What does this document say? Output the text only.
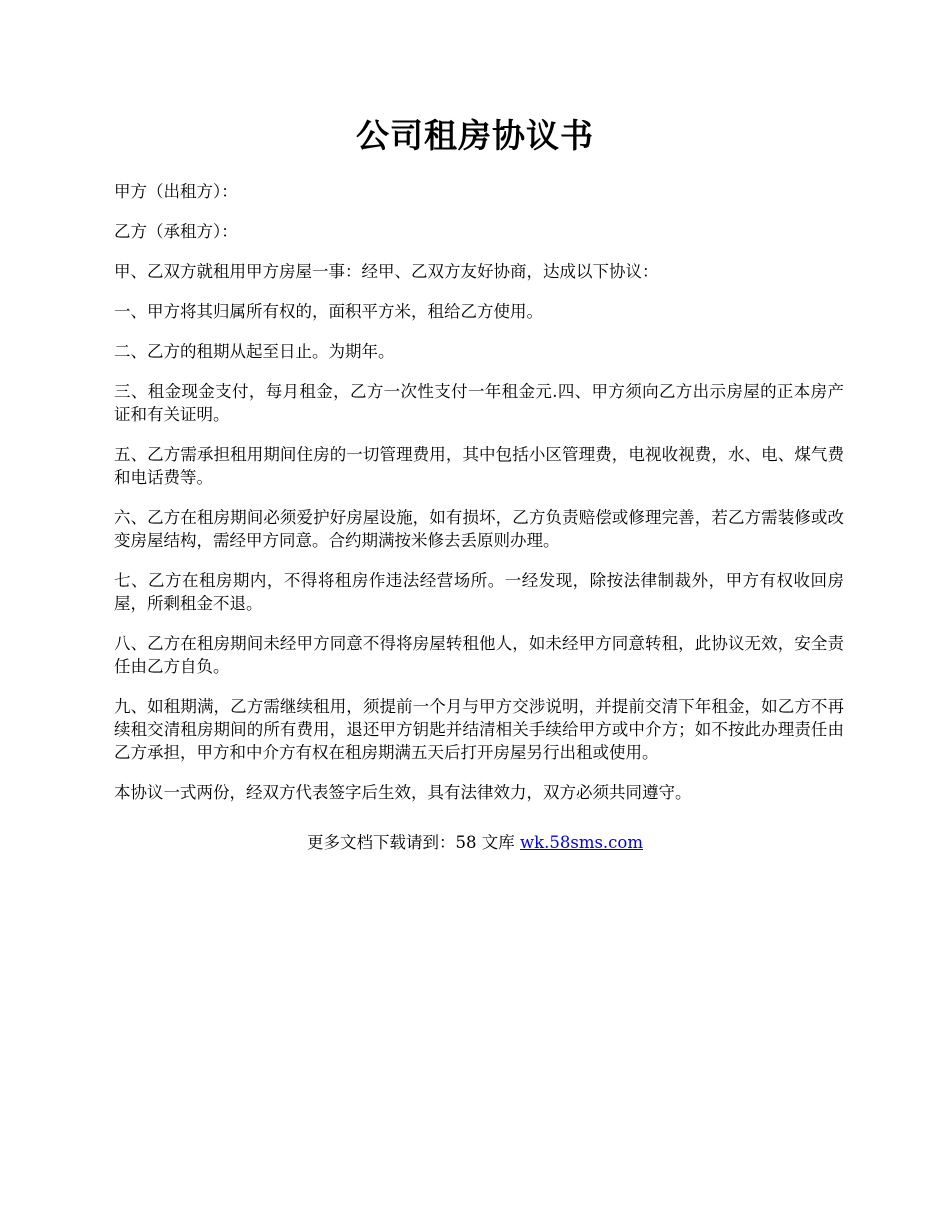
公司租房协议书

甲方（出租方）：

乙方（承租方）：

甲、乙双方就租用甲方房屋一事：经甲、乙双方友好协商，达成以下协议：

一、甲方将其归属所有权的，面积平方米，租给乙方使用。

二、乙方的租期从起至日止。为期年。

三、租金现金支付，每月租金，乙方一次性支付一年租金元.四、甲方须向乙方出示房屋的正本房产证和有关证明。

五、乙方需承担租用期间住房的一切管理费用，其中包括小区管理费，电视收视费，水、电、煤气费和电话费等。

六、乙方在租房期间必须爱护好房屋设施，如有损坏，乙方负责赔偿或修理完善，若乙方需装修或改变房屋结构，需经甲方同意。合约期满按米修去丢原则办理。

七、乙方在租房期内，不得将租房作违法经营场所。一经发现，除按法律制裁外，甲方有权收回房屋，所剩租金不退。

八、乙方在租房期间未经甲方同意不得将房屋转租他人，如未经甲方同意转租，此协议无效，安全责任由乙方自负。

九、如租期满，乙方需继续租用，须提前一个月与甲方交涉说明，并提前交清下年租金，如乙方不再续租交清租房期间的所有费用，退还甲方钥匙并结清相关手续给甲方或中介方；如不按此办理责任由乙方承担，甲方和中介方有权在租房期满五天后打开房屋另行出租或使用。

本协议一式两份，经双方代表签字后生效，具有法律效力，双方必须共同遵守。

更多文档下载请到：58 文库 wk.58sms.com
